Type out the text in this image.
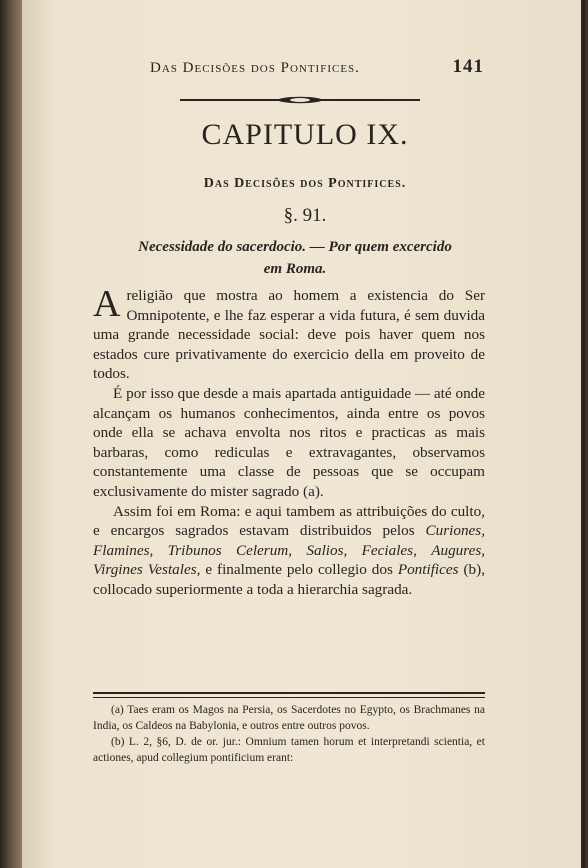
Das Decisões dos Pontifices.	141
CAPITULO IX.
Das Decisões dos Pontifices.
§. 91.
Necessidade do sacerdocio. — Por quem excercido
em Roma.

Areligião que mostra ao homem a existencia do Ser Omnipotente, e lhe faz esperar a vida futura, é sem duvida uma grande necessidade social: deve pois haver quem nos estados cure privativamente do exercicio della em proveito de todos.

É por isso que desde a mais apartada antiguidade — até onde alcançam os humanos conhecimentos, ainda entre os povos onde ella se achava envolta nos ritos e practicas as mais barbaras, como rediculas e extravagantes, observamos constantemente uma classe de pessoas que se occupam exclusivamente do mister sagrado (a).

Assim foi em Roma: e aqui tambem as attribuições do culto, e encargos sagrados estavam distribuidos pelos Curiones, Flamines, Tribunos Celerum, Salios, Feciales, Augures, Virgines Vestales, e finalmente pelo collegio dos Pontifices (b), collocado superiormente a toda a hierarchia sagrada.

(a) Taes eram os Magos na Persia, os Sacerdotes no Egypto, os Brachmanes na India, os Caldeos na Babylonia, e outros entre outros povos.

(b) L. 2, §6, D. de or. jur.: Omnium tamen horum et interpretandi scientia, et actiones, apud collegium pontificium erant:
